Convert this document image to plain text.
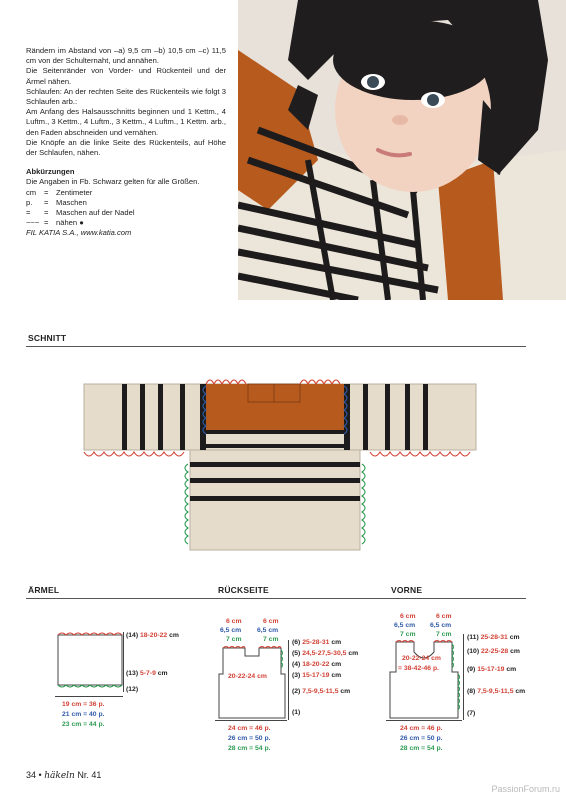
Rändern im Abstand von –a) 9,5 cm –b) 10,5 cm –c) 11,5 cm von der Schulternaht, und annähen.

Die Seitenränder von Vorder- und Rückenteil und der Ärmel nähen.

Schlaufen: An der rechten Seite des Rückenteils wie folgt 3 Schlaufen arb.:

Am Anfang des Halsausschnitts beginnen und 1 Kettm., 4 Luftm., 3 Kettm., 4 Luftm., 3 Kettm., 4 Luftm., 1 Kettm. arb., den Faden abschneiden und vernähen.

Die Knöpfe an die linke Seite des Rückenteils, auf Höhe der Schlaufen, nähen.

Abkürzungen

Die Angaben in Fb. Schwarz gelten für alle Größen.

cm	= Zentimeter
p.	= Maschen
=	= Maschen auf der Nadel
~~~ = nähen ●

FIL KATIA S.A., www.katia.com

SCHNITT
ÄRMEL	RÜCKSEITE	VORNE
(14) 18-20-22 cm
(13) 5-7-9 cm
(12)
19 cm = 36 p.
21 cm = 40 p.
23 cm = 44 p.
6 cm
6,5 cm
7 cm
6 cm
6,5 cm
7 cm
20-22-24 cm
(6) 25-28-31 cm
(5) 24,5-27,5-30,5 cm
(4) 18-20-22 cm
(3) 15-17-19 cm
(2) 7,5-9,5-11,5 cm
(1)
24 cm = 46 p.
26 cm = 50 p.
28 cm = 54 p.
6 cm
6,5 cm
7 cm
6 cm
6,5 cm
7 cm
20-22-24 cm
= 38-42-46 p.
(11) 25-28-31 cm
(10) 22-25-28 cm
(9) 15-17-19 cm
(8) 7,5-9,5-11,5 cm
(7)
24 cm = 46 p.
26 cm = 50 p.
28 cm = 54 p.
34 • häkeln Nr. 41
PassionForum.ru
